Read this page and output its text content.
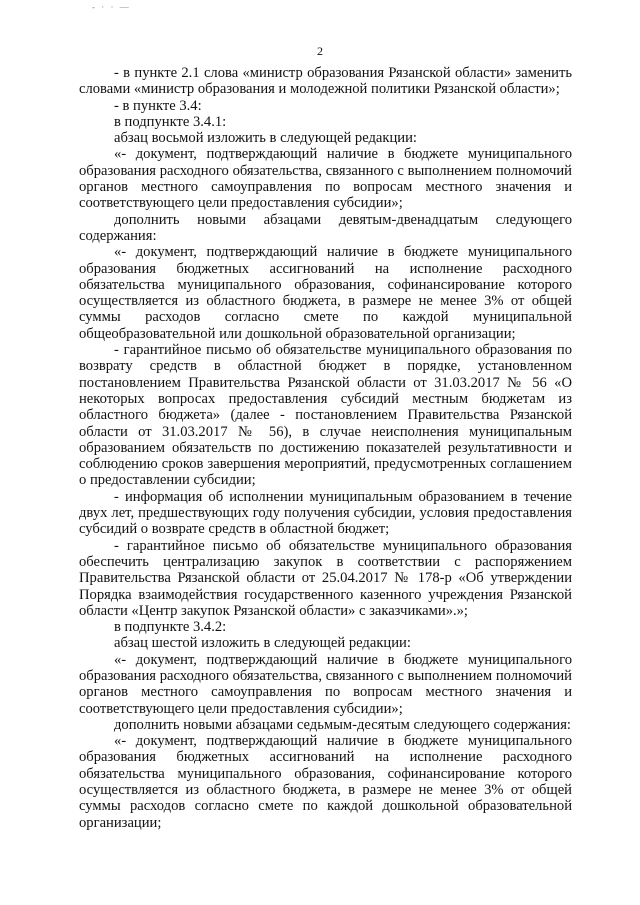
- · · —
2

- в пункте 2.1 слова «министр образования Рязанской области» заменить словами «министр образования и молодежной политики Рязанской области»;

- в пункте 3.4:

в подпункте 3.4.1:

абзац восьмой изложить в следующей редакции:

«- документ, подтверждающий наличие в бюджете муниципального образования расходного обязательства, связанного с выполнением полномочий органов местного самоуправления по вопросам местного значения и соответствующего цели предоставления субсидии»;

дополнить новыми абзацами девятым-двенадцатым следующего содержания:

«- документ, подтверждающий наличие в бюджете муниципального образования бюджетных ассигнований на исполнение расходного обязательства муниципального образования, софинансирование которого осуществляется из областного бюджета, в размере не менее 3% от общей суммы расходов согласно смете по каждой муниципальной общеобразовательной или дошкольной образовательной организации;

- гарантийное письмо об обязательстве муниципального образования по возврату средств в областной бюджет в порядке, установленном постановлением Правительства Рязанской области от 31.03.2017 № 56 «О некоторых вопросах предоставления субсидий местным бюджетам из областного бюджета» (далее - постановлением Правительства Рязанской области от 31.03.2017 № 56), в случае неисполнения муниципальным образованием обязательств по достижению показателей результативности и соблюдению сроков завершения мероприятий, предусмотренных соглашением о предоставлении субсидии;

- информация об исполнении муниципальным образованием в течение двух лет, предшествующих году получения субсидии, условия предоставления субсидий о возврате средств в областной бюджет;

- гарантийное письмо об обязательстве муниципального образования обеспечить централизацию закупок в соответствии с распоряжением Правительства Рязанской области от 25.04.2017 № 178-р «Об утверждении Порядка взаимодействия государственного казенного учреждения Рязанской области «Центр закупок Рязанской области» с заказчиками».»;

в подпункте 3.4.2:

абзац шестой изложить в следующей редакции:

«- документ, подтверждающий наличие в бюджете муниципального образования расходного обязательства, связанного с выполнением полномочий органов местного самоуправления по вопросам местного значения и соответствующего цели предоставления субсидии»;

дополнить новыми абзацами седьмым-десятым следующего содержания:

«- документ, подтверждающий наличие в бюджете муниципального образования бюджетных ассигнований на исполнение расходного обязательства муниципального образования, софинансирование которого осуществляется из областного бюджета, в размере не менее 3% от общей суммы расходов согласно смете по каждой дошкольной образовательной организации;
